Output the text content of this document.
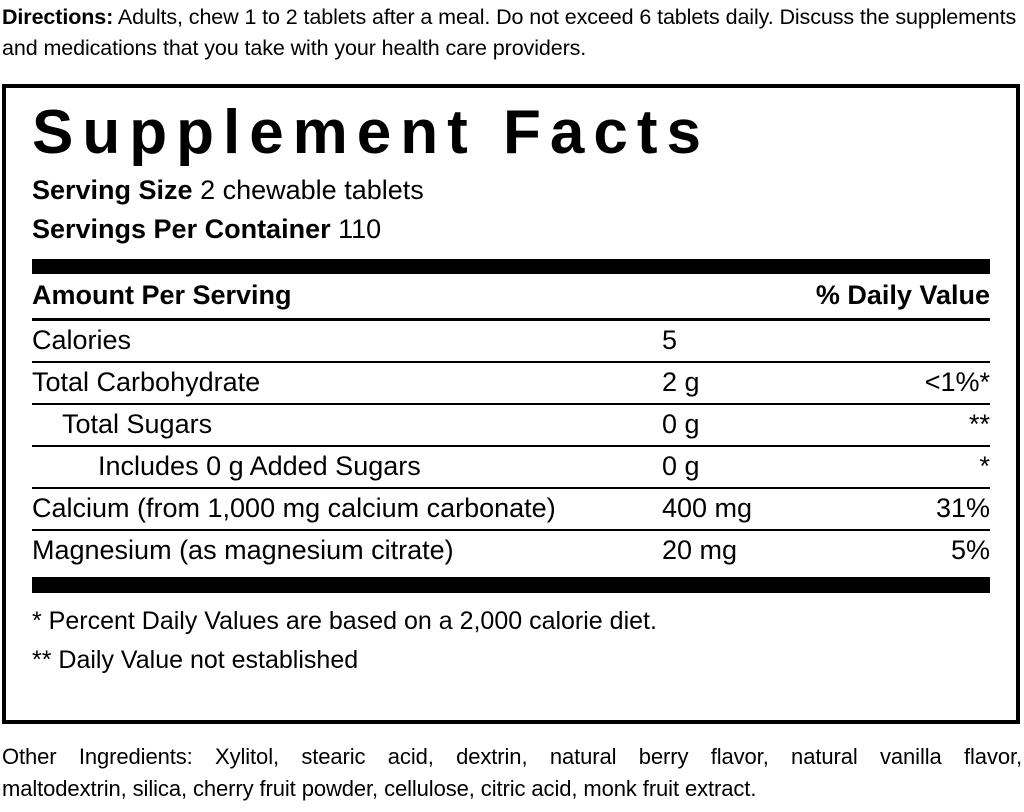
Directions: Adults, chew 1 to 2 tablets after a meal. Do not exceed 6 tablets daily. Discuss the supplements and medications that you take with your health care providers.
Supplement Facts
Serving Size 2 chewable tablets
Servings Per Container 110
Amount Per Serving	% Daily Value
Calories	5
Total Carbohydrate	2 g	<1%*
Total Sugars	0 g	**
Includes 0 g Added Sugars	0 g	*
Calcium (from 1,000 mg calcium carbonate)	400 mg	31%
Magnesium (as magnesium citrate)	20 mg	5%
* Percent Daily Values are based on a 2,000 calorie diet.
** Daily Value not established
Other Ingredients: Xylitol, stearic acid, dextrin, natural berry flavor, natural vanilla flavor,
maltodextrin, silica, cherry fruit powder, cellulose, citric acid, monk fruit extract.
